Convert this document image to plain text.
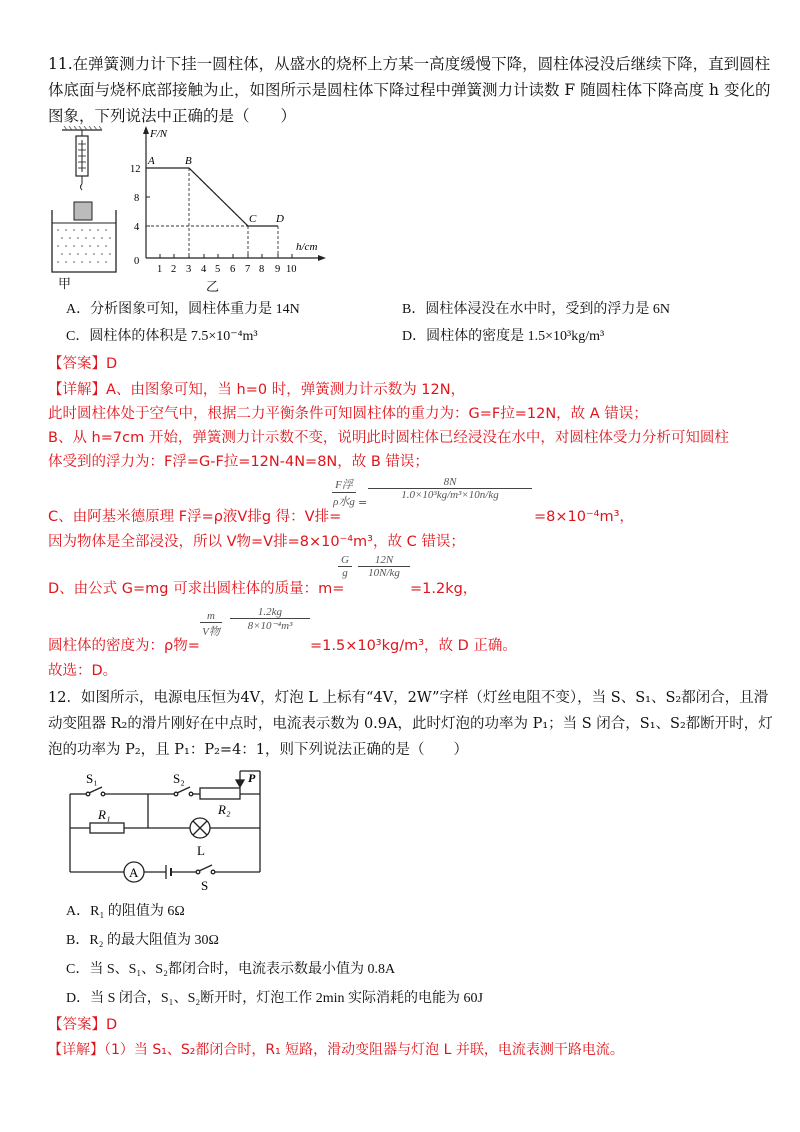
11.在弹簧测力计下挂一圆柱体，从盛水的烧杯上方某一高度缓慢下降，圆柱体浸没后继续下降，直到圆柱
体底面与烧杯底部接触为止，如图所示是圆柱体下降过程中弹簧测力计读数 F 随圆柱体下降高度 h 变化的
图象，下列说法中正确的是（　　）
甲
F/N
h/cm
12
8
4
0
1 2 3 4 5 6 7 8 9 10
A	B
C D
乙
A．分析图象可知，圆柱体重力是 14N	B．圆柱体浸没在水中时，受到的浮力是 6N
C．圆柱体的体积是 7.5×10⁻⁴m³	D．圆柱体的密度是 1.5×10³kg/m³
【答案】D
【详解】A、由图象可知，当 h=0 时，弹簧测力计示数为 12N，
此时圆柱体处于空气中，根据二力平衡条件可知圆柱体的重力为：G=F拉=12N，故 A 错误；
B、从 h=7cm 开始，弹簧测力计示数不变，说明此时圆柱体已经浸没在水中，对圆柱体受力分析可知圆柱
体受到的浮力为：F浮=G-F拉=12N-4N=8N，故 B 错误；
C、由阿基米德原理 F浮=ρ液V排g 得：V排=
F浮
ρ水g =
8N
1.0×10³kg/m³×10n/kg
=8×10⁻⁴m³，
因为物体是全部浸没，所以 V物=V排=8×10⁻⁴m³，故 C 错误；
D、由公式 G=mg 可求出圆柱体的质量：m=
G
g
12N
10N/kg
=1.2kg，
圆柱体的密度为：ρ物=
m
V物
1.2kg
8×10⁻⁴m³
=1.5×10³kg/m³，故 D 正确。
故选：D。
12．如图所示，电源电压恒为4V，灯泡 L 上标有“4V，2W”字样（灯丝电阻不变），当 S、S₁、S₂都闭合，且滑
动变阻器 R₂的滑片刚好在中点时，电流表示数为 0.9A，此时灯泡的功率为 P₁；当 S 闭合，S₁、S₂都断开时，灯
泡的功率为 P₂，且 P₁：P₂=4：1，则下列说法正确的是（　　）
S₁	S₂	P
R₂
R₁
L
A
S
A．R₁ 的阻值为 6Ω
B．R₂ 的最大阻值为 30Ω
C．当 S、S₁、S₂都闭合时，电流表示数最小值为 0.8A
D．当 S 闭合，S₁、S₂断开时，灯泡工作 2min 实际消耗的电能为 60J
【答案】D
【详解】（1）当 S₁、S₂都闭合时，R₁ 短路，滑动变阻器与灯泡 L 并联，电流表测干路电流。
